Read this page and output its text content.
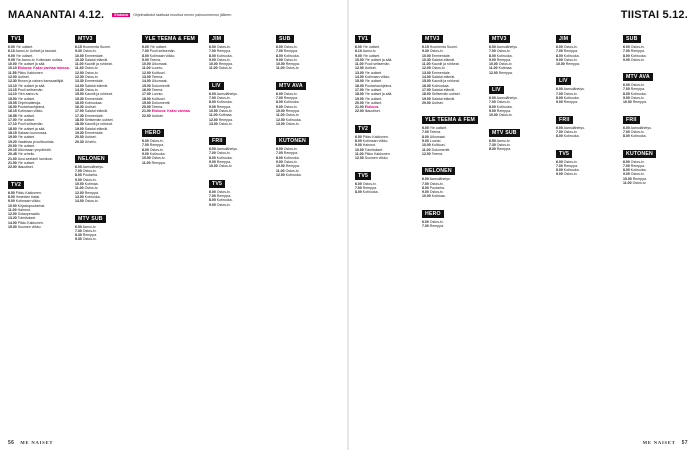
MAANANTAI 4.12.	Elokuva	Ohjelmatiedot taattuaa muuttua ennen painoonmenon jälkeen	TIISTAI 5.12.
TV1
6.00 Yle uutiset.
6.10 Aamu-tv Uutiset ja taustat.
9.00 Yle uutiset.
9.05 Yle Aamu-tv. Kotimaan uutisia.
10.00 Yle uutiset ja sää.
10.10 Elokuva: Kaksi vanhaa talossa.
11.55 Pikku Kakkonen.
12.00 Uutiset.
12.30 Brown ja naisen kanssaeläjät.
13.10 Yle uutiset ja sää.
13.15 Puoli seitsemän.
14.10 Ylen aamu-tv.
15.00 Yle uutiset.
15.05 Ohjelmatietoja.
16.00 Puutarhaohjelma.
16.15 Kotimaan viikko.
16.55 Yle uutiset.
17.00 Yle uutiset.
17.10 Puoli seitsemän.
18.00 Yle uutiset ja sää.
18.15 Saksan luonnossa.
19.00 Yle uutiset.
19.20 Vaaleista ja kulttuurista.
20.00 Yle uutiset.
20.15 Ulkomaan ympäristöt.
20.45 Yle urheilu.
21.00 Uusi-seelanti luontoon.
21.50 Yle uutiset.
22.00 Iltauutiset.
TV2
6.50 Pikku Kakkonen.
8.00 Ihmeiden tiistai.
9.00 Kotimaan viikko.
10.00 Kirjastopuutarhat.
11.00 Hahmot.
12.00 Sotaoperaatio.
13.20 Toimitukset.
14.00 Pikku Kakkonen.
15.00 Suomen viikko.
MTV3
6.15 Huomenta Suomi.
9.30 Ostos-tv.
10.00 Emmerdale.
10.30 Salatut elämät.
11.00 Kauniit ja rohkeat.
11.30 Ostos-tv.
12.00 Ostos-tv.
12.30 Ostos-tv.
13.30 Emmerdale.
14.00 Salatut elämät.
14.30 Ostos-tv.
15.00 Kauniit ja rohkeat.
15.30 Emmerdale.
16.00 Kotiruokaa.
16.30 Uutiset.
17.00 Salatut elämät.
17.30 Emmerdale.
18.00 Seitsemän uutiset.
18.30 Kauniit ja rohkeat.
19.00 Salatut elämät.
19.30 Emmerdale.
20.00 Uutiset.
20.30 Urheilu.
NELONEN
6.00 Aamulähetys.
7.00 Ostos-tv.
8.00 Puutarha.
9.00 Ostos-tv.
10.00 Kotimaa.
11.00 Ostos-tv.
12.00 Remppa.
13.00 Kotiruoka.
14.00 Ostos-tv.
MTV SUB
6.50 Aamu-tv.
7.30 Ostos-tv.
8.30 Remppa.
9.30 Ostos-tv.
YLE TEEMA & FEM
6.00 Yle uutiset.
7.00 Puoli seitsemän.
8.00 Kotimaan viikko.
9.00 Teema.
10.00 Ulkomaat.
11.00 Luonto.
12.00 Kulttuuri.
13.00 Teema.
14.00 Ulkomaat.
15.00 Dokumentti.
16.00 Teema.
17.00 Luonto.
18.00 Kulttuuri.
19.00 Dokumentti.
20.00 Teema.
21.00 Elokuva: Kaksi vanhaa.
22.00 Uutiset.
HERO
6.00 Ostos-tv.
7.00 Remppa.
8.00 Ostos-tv.
9.00 Kotiruoka.
10.00 Ostos-tv.
11.00 Remppa.
JIM
6.00 Ostos-tv.
7.00 Remppa.
8.00 Kotiruoka.
9.00 Ostos-tv.
10.00 Remppa.
11.00 Ostos-tv.
LIV
6.00 Aamulähetys.
7.00 Ostos-tv.
8.00 Kotiruoka.
9.00 Remppa.
10.00 Ostos-tv.
11.00 Kotimaa.
12.00 Remppa.
13.00 Ostos-tv.
FRII
6.00 Aamulähetys.
7.00 Ostos-tv.
8.00 Kotiruoka.
9.00 Remppa.
10.00 Ostos-tv.
TV5
6.00 Ostos-tv.
7.00 Remppa.
8.00 Kotiruoka.
9.00 Ostos-tv.
SUB
6.00 Ostos-tv.
7.00 Remppa.
8.00 Kotiruoka.
9.00 Ostos-tv.
10.00 Remppa.
11.00 Ostos-tv.
MTV AVA
6.00 Ostos-tv.
7.00 Remppa.
8.00 Kotiruoka.
9.00 Ostos-tv.
10.00 Remppa.
11.00 Ostos-tv.
12.00 Kotiruoka.
13.00 Ostos-tv.
KUTONEN
6.00 Ostos-tv.
7.00 Remppa.
8.00 Kotiruoka.
9.00 Ostos-tv.
10.00 Remppa.
11.00 Ostos-tv.
12.00 Kotiruoka.
TV1
6.00 Yle uutiset.
6.10 Aamu-tv.
9.00 Yle uutiset.
10.00 Yle uutiset ja sää.
11.00 Puoli seitsemän.
12.00 Uutiset.
13.00 Yle uutiset.
14.00 Kotimaan viikko.
15.00 Yle uutiset.
16.00 Puutarhaohjelma.
17.00 Yle uutiset.
18.00 Yle uutiset ja sää.
19.00 Yle uutiset.
20.00 Yle uutiset.
21.00 Elokuva.
22.00 Iltauutiset.
TV2
6.50 Pikku Kakkonen.
8.00 Kotimaan viikko.
9.00 Hahmot.
10.00 Toimitukset.
11.00 Pikku Kakkonen.
12.00 Suomen viikko.
TV5
6.00 Ostos-tv.
7.00 Remppa.
8.00 Kotiruoka.
MTV3
6.15 Huomenta Suomi.
9.30 Ostos-tv.
10.00 Emmerdale.
10.30 Salatut elämät.
11.00 Kauniit ja rohkeat.
12.00 Ostos-tv.
13.00 Emmerdale.
14.00 Salatut elämät.
15.00 Kauniit ja rohkeat.
16.00 Kotiruokaa.
17.00 Salatut elämät.
18.00 Seitsemän uutiset.
19.00 Salatut elämät.
20.00 Uutiset.
YLE TEEMA & FEM
6.00 Yle uutiset.
7.00 Teema.
8.00 Ulkomaat.
9.00 Luonto.
10.00 Kulttuuri.
11.00 Dokumentti.
12.00 Teema.
NELONEN
6.00 Aamulähetys.
7.00 Ostos-tv.
8.00 Puutarha.
9.00 Ostos-tv.
10.00 Kotimaa.
HERO
6.00 Ostos-tv.
7.00 Remppa.
MTV3
6.00 Aamulähetys.
7.00 Ostos-tv.
8.00 Kotiruoka.
9.00 Remppa.
10.00 Ostos-tv.
11.00 Kotimaa.
12.00 Remppa.
LIV
6.00 Aamulähetys.
7.00 Ostos-tv.
8.00 Kotiruoka.
9.00 Remppa.
10.00 Ostos-tv.
MTV SUB
6.50 Aamu-tv.
7.30 Ostos-tv.
8.30 Remppa.
JIM
6.00 Ostos-tv.
7.00 Remppa.
8.00 Kotiruoka.
9.00 Ostos-tv.
10.00 Remppa.
LIV
6.00 Aamulähetys.
7.00 Ostos-tv.
8.00 Kotiruoka.
9.00 Remppa.
FRII
6.00 Aamulähetys.
7.00 Ostos-tv.
8.00 Kotiruoka.
TV5
6.00 Ostos-tv.
7.00 Remppa.
8.00 Kotiruoka.
9.00 Ostos-tv.
SUB
6.00 Ostos-tv.
7.00 Remppa.
8.00 Kotiruoka.
9.00 Ostos-tv.
MTV AVA
6.00 Ostos-tv.
7.00 Remppa.
8.00 Kotiruoka.
9.00 Ostos-tv.
10.00 Remppa.
FRII
6.00 Aamulähetys.
7.00 Ostos-tv.
8.00 Kotiruoka.
KUTONEN
6.00 Ostos-tv.
7.00 Remppa.
8.00 Kotiruoka.
9.00 Ostos-tv.
10.00 Remppa.
11.00 Ostos-tv.
56 ME NAISET	ME NAISET 57
